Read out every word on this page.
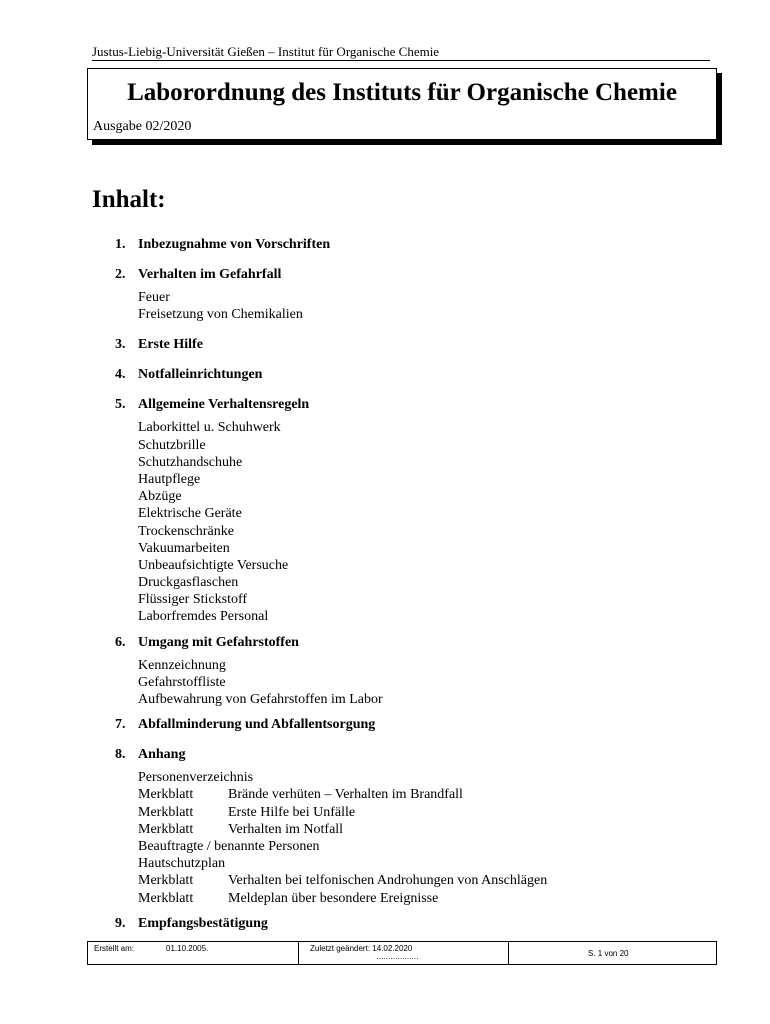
Justus-Liebig-Universität Gießen – Institut für Organische Chemie
Laborordnung des Instituts für Organische Chemie
Ausgabe 02/2020
Inhalt:
1. Inbezugnahme von Vorschriften
2. Verhalten im Gefahrfall
Feuer
Freisetzung von Chemikalien
3. Erste Hilfe
4. Notfalleinrichtungen
5. Allgemeine Verhaltensregeln
Laborkittel u. Schuhwerk
Schutzbrille
Schutzhandschuhe
Hautpflege
Abzüge
Elektrische Geräte
Trockenschränke
Vakuumarbeiten
Unbeaufsichtigte Versuche
Druckgasflaschen
Flüssiger Stickstoff
Laborfremdes Personal
6. Umgang mit Gefahrstoffen
Kennzeichnung
Gefahrstoffliste
Aufbewahrung von Gefahrstoffen im Labor
7. Abfallminderung und Abfallentsorgung
8. Anhang
Personenverzeichnis
Merkblatt Brände verhüten – Verhalten im Brandfall
Merkblatt Erste Hilfe bei Unfälle
Merkblatt Verhalten im Notfall
Beauftragte / benannte Personen
Hautschutzplan
Merkblatt Verhalten bei telfonischen Androhungen von Anschlägen
Merkblatt Meldeplan über besondere Ereignisse
9. Empfangsbestätigung
Erstellt am:	01.10.2005.	Zuletzt geändert: 14.02.2020
………………	S. 1 von 20
